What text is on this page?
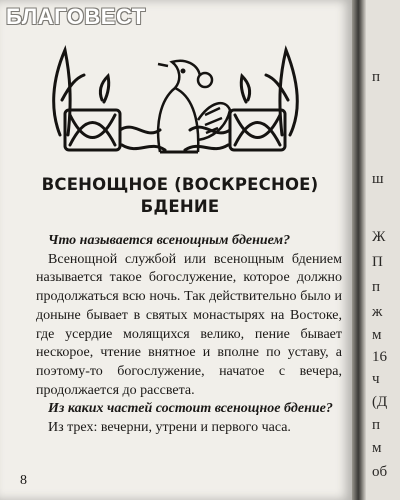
ВСЕНОЩНОЕ (ВОСКРЕСНОЕ)
БДЕНИЕ

Что называется всенощным бдением?

Всенощной службой или всенощным бдением называется такое богослужение, которое должно продолжаться всю ночь. Так действительно было и доныне бывает в святых монастырях на Востоке, где усердие молящихся велико, пение бывает нескорое, чтение внятное и вполне по уставу, а поэтому-то богослужение, начатое с вечера, продолжается до рассвета.

Из каких частей состоит всенощное бдение?

Из трех: вечерни, утрени и первого часа.

8
п
ш
Ж
П
п
ж
м
16
ч
(Д
п
м
об
БЛАГОВЕСТ
